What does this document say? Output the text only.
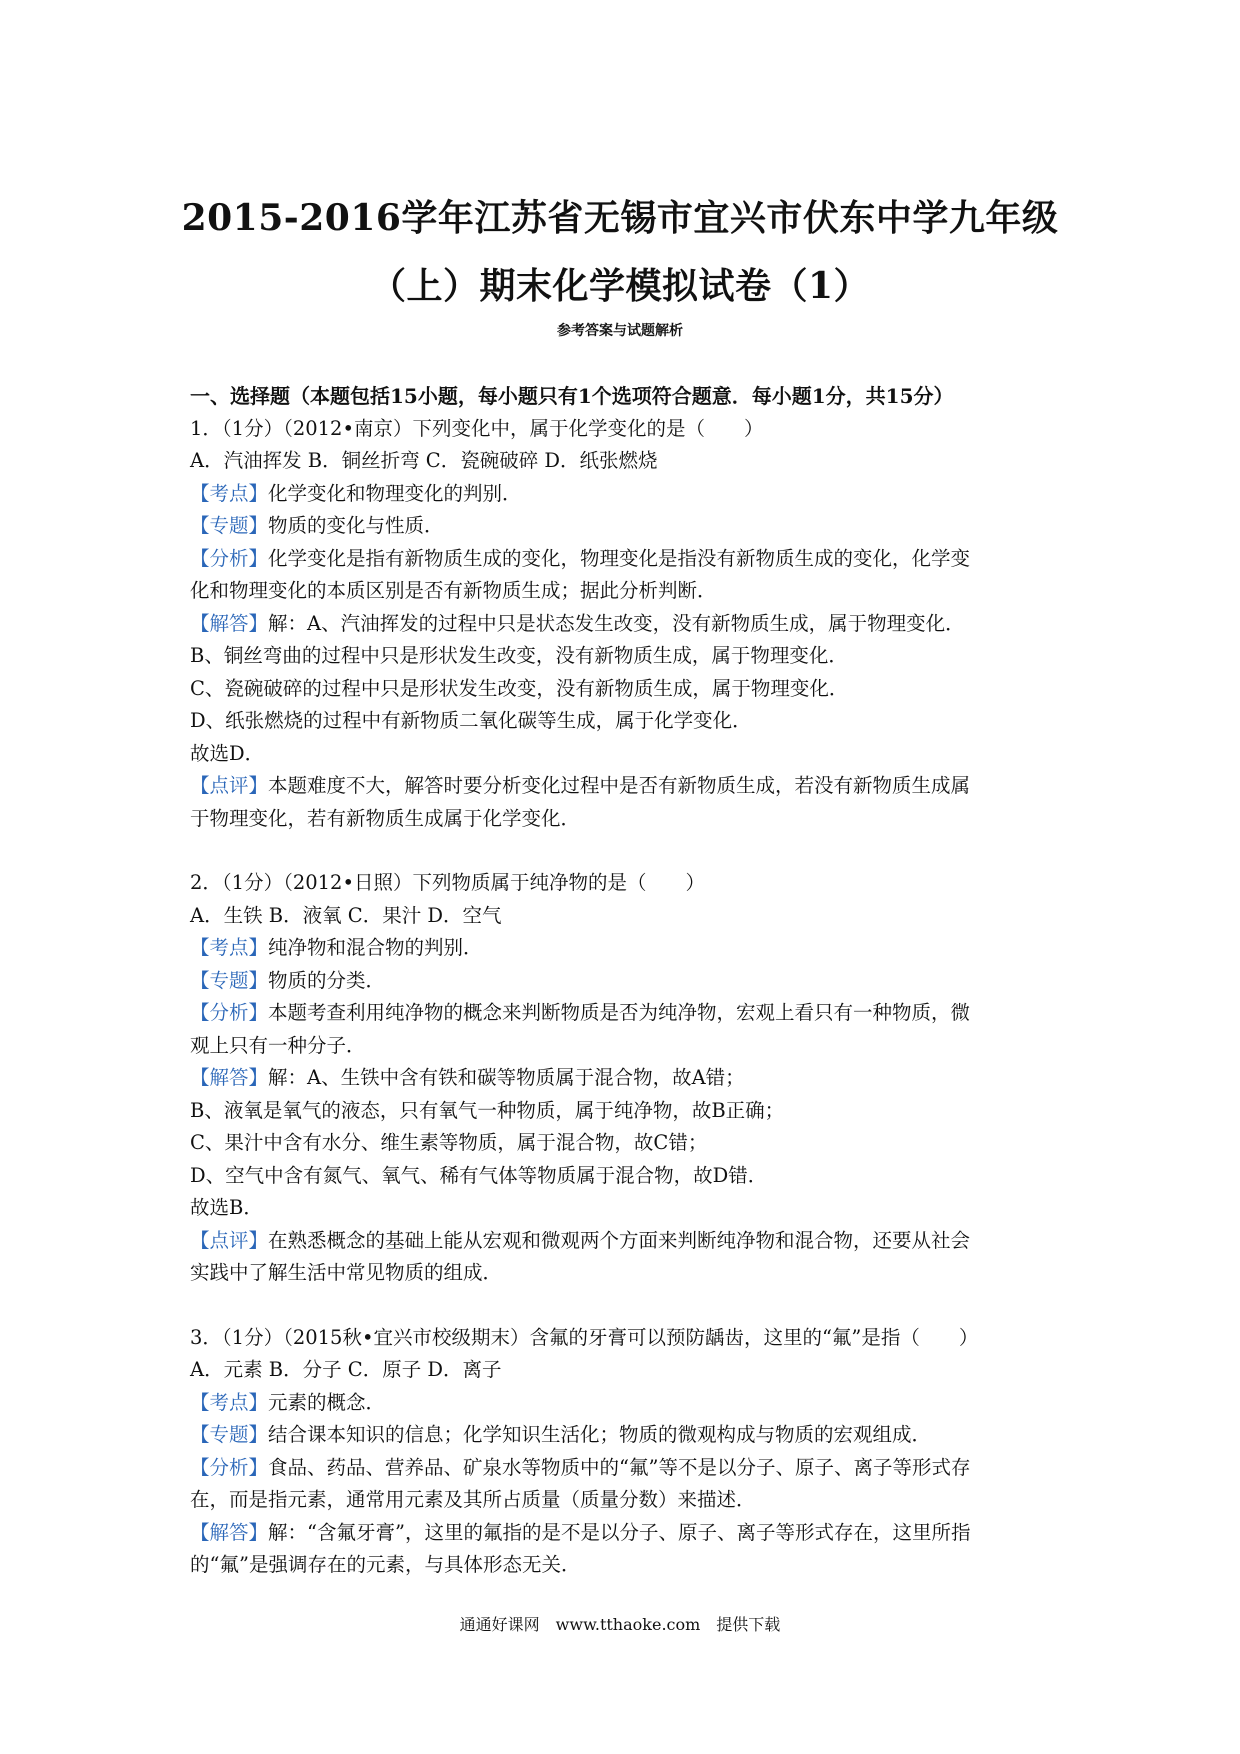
2015-2016学年江苏省无锡市宜兴市伏东中学九年级
（上）期末化学模拟试卷（1）
参考答案与试题解析
一、选择题（本题包括15小题，每小题只有1个选项符合题意．每小题1分，共15分）
1．（1分）（2012•南京）下列变化中，属于化学变化的是（　　）
A．汽油挥发 B．铜丝折弯 C．瓷碗破碎 D．纸张燃烧
【考点】化学变化和物理变化的判别．
【专题】物质的变化与性质．
【分析】化学变化是指有新物质生成的变化，物理变化是指没有新物质生成的变化，化学变
化和物理变化的本质区别是否有新物质生成；据此分析判断．
【解答】解：A、汽油挥发的过程中只是状态发生改变，没有新物质生成，属于物理变化．
B、铜丝弯曲的过程中只是形状发生改变，没有新物质生成，属于物理变化．
C、瓷碗破碎的过程中只是形状发生改变，没有新物质生成，属于物理变化．
D、纸张燃烧的过程中有新物质二氧化碳等生成，属于化学变化．
故选D．
【点评】本题难度不大，解答时要分析变化过程中是否有新物质生成，若没有新物质生成属
于物理变化，若有新物质生成属于化学变化．
2．（1分）（2012•日照）下列物质属于纯净物的是（　　）
A．生铁 B．液氧 C．果汁 D．空气
【考点】纯净物和混合物的判别．
【专题】物质的分类．
【分析】本题考查利用纯净物的概念来判断物质是否为纯净物，宏观上看只有一种物质，微
观上只有一种分子．
【解答】解：A、生铁中含有铁和碳等物质属于混合物，故A错；
B、液氧是氧气的液态，只有氧气一种物质，属于纯净物，故B正确；
C、果汁中含有水分、维生素等物质，属于混合物，故C错；
D、空气中含有氮气、氧气、稀有气体等物质属于混合物，故D错．
故选B．
【点评】在熟悉概念的基础上能从宏观和微观两个方面来判断纯净物和混合物，还要从社会
实践中了解生活中常见物质的组成．
3．（1分）（2015秋•宜兴市校级期末）含氟的牙膏可以预防龋齿，这里的“氟”是指（　　）
A．元素 B．分子 C．原子 D．离子
【考点】元素的概念．
【专题】结合课本知识的信息；化学知识生活化；物质的微观构成与物质的宏观组成．
【分析】食品、药品、营养品、矿泉水等物质中的“氟”等不是以分子、原子、离子等形式存
在，而是指元素，通常用元素及其所占质量（质量分数）来描述．
【解答】解：“含氟牙膏”，这里的氟指的是不是以分子、原子、离子等形式存在，这里所指
的“氟”是强调存在的元素，与具体形态无关．
通通好课网　www.tthaoke.com　提供下载
